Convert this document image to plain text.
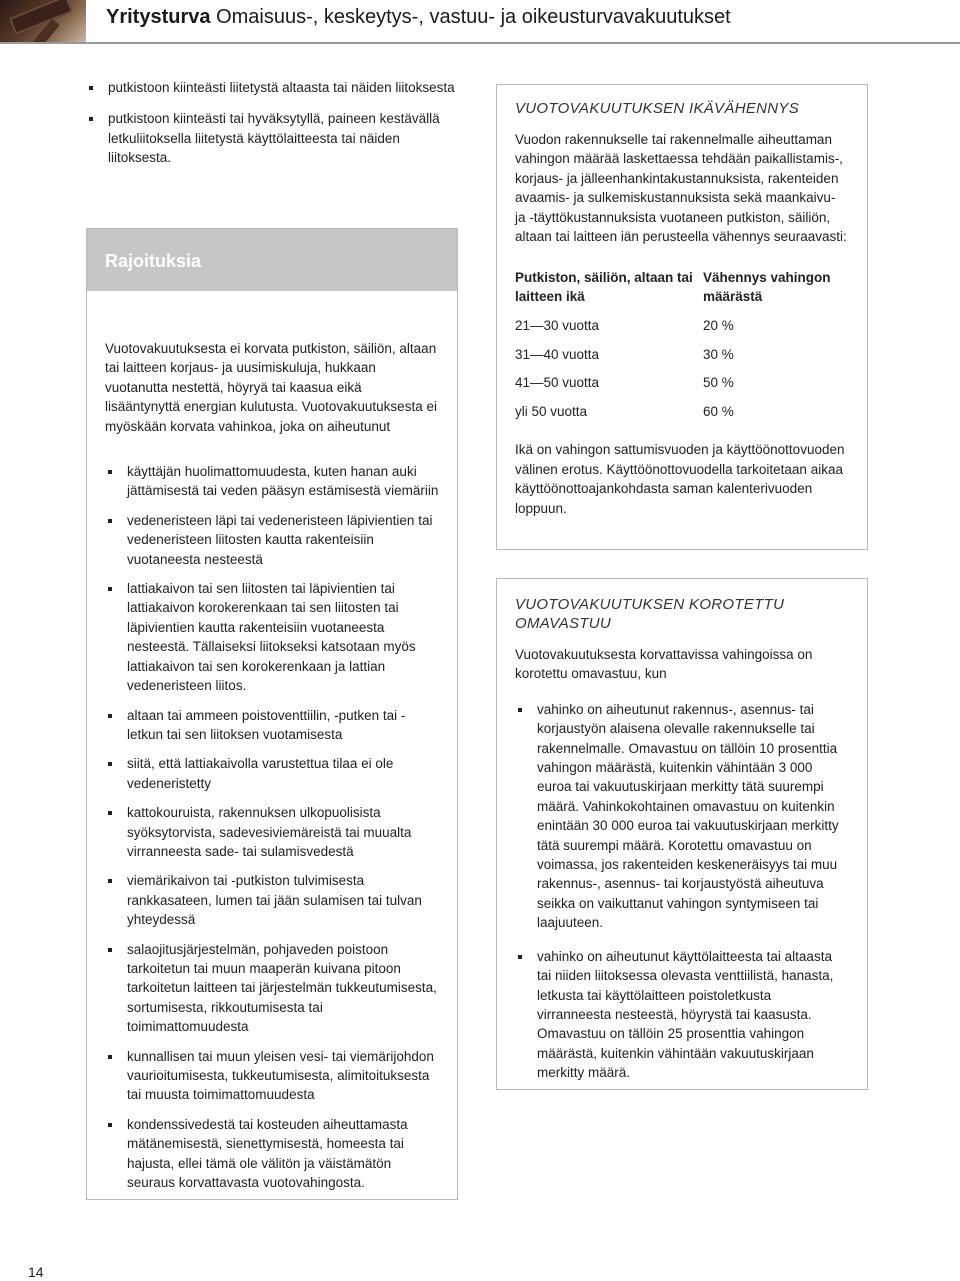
Yritysturva Omaisuus-, keskeytys-, vastuu- ja oikeusturvavakuutukset
putkistoon kiinteästi liitetystä altaasta tai näiden liitoksesta
putkistoon kiinteästi tai hyväksytyllä, paineen kestävällä letkuliitoksella liitetystä käyttölaitteesta tai näiden liitoksesta.
Rajoituksia

Vuotovakuutuksesta ei korvata putkiston, säiliön, altaan tai laitteen korjaus- ja uusimiskuluja, hukkaan vuotanutta nestettä, höyryä tai kaasua eikä lisääntynyttä energian kulutusta. Vuotovakuutuksesta ei myöskään korvata vahinkoa, joka on aiheutunut

käyttäjän huolimattomuudesta, kuten hanan auki jättämisestä tai veden pääsyn estämisestä viemäriin
vedeneristeen läpi tai vedeneristeen läpivientien tai vedeneristeen liitosten kautta rakenteisiin vuotaneesta nesteestä
lattiakaivon tai sen liitosten tai läpivientien tai lattiakaivon korokerenkaan tai sen liitosten tai läpivientien kautta rakenteisiin vuotaneesta nesteestä. Tällaiseksi liitokseksi katsotaan myös lattiakaivon tai sen korokerenkaan ja lattian vedeneristeen liitos.
altaan tai ammeen poistoventtiilin, -putken tai -letkun tai sen liitoksen vuotamisesta
siitä, että lattiakaivolla varustettua tilaa ei ole vedeneristetty
kattokouruista, rakennuksen ulkopuolisista syöksytorvista, sadevesiviemäreistä tai muualta virranneesta sade- tai sulamisvedestä
viemärikaivon tai -putkiston tulvimisesta rankkasateen, lumen tai jään sulamisen tai tulvan yhteydessä
salaojitusjärjestelmän, pohjaveden poistoon tarkoitetun tai muun maaperän kuivana pitoon tarkoitetun laitteen tai järjestelmän tukkeutumisesta, sortumisesta, rikkoutumisesta tai toimimattomuudesta
kunnallisen tai muun yleisen vesi- tai viemärijohdon vaurioitumisesta, tukkeutumisesta, alimitoituksesta tai muusta toimimattomuudesta
kondenssivedestä tai kosteuden aiheuttamasta mätänemisestä, sienettymisestä, homeesta tai hajusta, ellei tämä ole välitön ja väistämätön seuraus korvattavasta vuotovahingosta.
VUOTOVAKUUTUKSEN IKÄVÄHENNYS

Vuodon rakennukselle tai rakennelmalle aiheuttaman vahingon määrää laskettaessa tehdään paikallistamis-, korjaus- ja jälleenhankintakustannuksista, rakenteiden avaamis- ja sulkemiskustannuksista sekä maankaivu- ja -täyttökustannuksista vuotaneen putkiston, säiliön, altaan tai laitteen iän perusteella vähennys seuraavasti:

Putkiston, säiliön, altaan tai laitteen ikä	Vähennys vahingon määrästä
21—30 vuotta	20 %
31—40 vuotta	30 %
41—50 vuotta	50 %
yli 50 vuotta	60 %

Ikä on vahingon sattumisvuoden ja käyttöönottovuoden välinen erotus. Käyttöönottovuodella tarkoitetaan aikaa käyttöönottoajankohdasta saman kalenterivuoden loppuun.

VUOTOVAKUUTUKSEN KOROTETTU OMAVASTUU

Vuotovakuutuksesta korvattavissa vahingoissa on korotettu omavastuu, kun

vahinko on aiheutunut rakennus-, asennus- tai korjaustyön alaisena olevalle rakennukselle tai rakennelmalle. Omavastuu on tällöin 10 prosenttia vahingon määrästä, kuitenkin vähintään 3 000 euroa tai vakuutuskirjaan merkitty tätä suurempi määrä. Vahinkokohtainen omavastuu on kuitenkin enintään 30 000 euroa tai vakuutuskirjaan merkitty tätä suurempi määrä. Korotettu omavastuu on voimassa, jos rakenteiden keskeneräisyys tai muu rakennus-, asennus- tai korjaustyöstä aiheutuva seikka on vaikuttanut vahingon syntymiseen tai laajuuteen.
vahinko on aiheutunut käyttölaitteesta tai altaasta tai niiden liitoksessa olevasta venttiilistä, hanasta, letkusta tai käyttölaitteen poistoletkusta virranneesta nesteestä, höyrystä tai kaasusta. Omavastuu on tällöin 25 prosenttia vahingon määrästä, kuitenkin vähintään vakuutuskirjaan merkitty määrä.
14
